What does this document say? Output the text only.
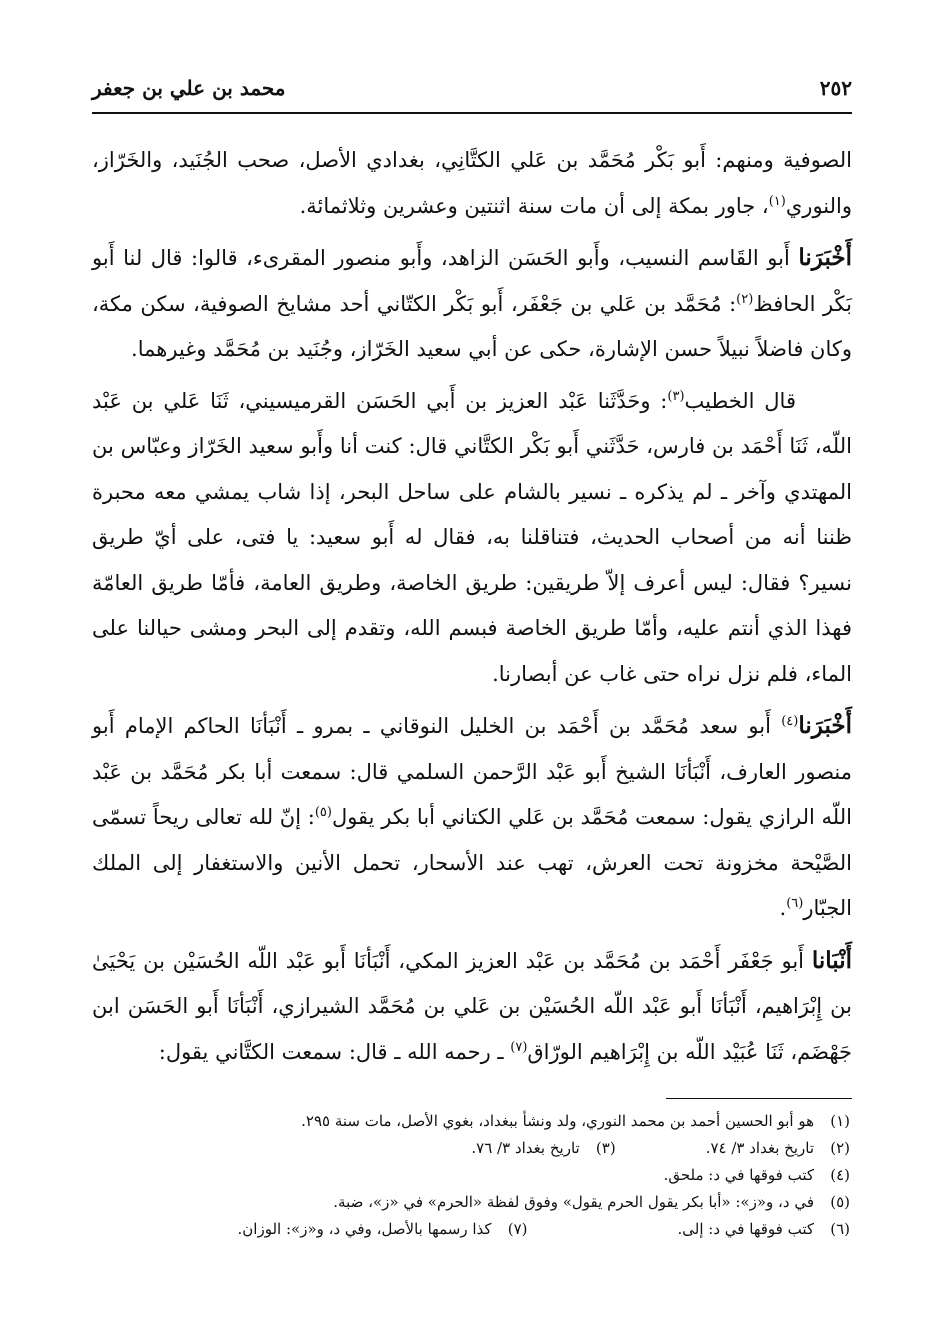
٢٥٢
محمد بن علي بن جعفر

الصوفية ومنهم: أَبو بَكْر مُحَمَّد بن عَلي الكتَّانِي، بغدادي الأصل، صحب الجُنَيد، والخَرّاز، والنوري$^{(١)}$، جاور بمكة إلى أن مات سنة اثنتين وعشرين وثلاثمائة.

أَخْبَرَنا أَبو القَاسم النسيب، وأَبو الحَسَن الزاهد، وأَبو منصور المقرىء، قالوا: قال لنا أَبو بَكْر الحافظ$^{(٢)}$: مُحَمَّد بن عَلي بن جَعْفَر، أَبو بَكْر الكتّاني أحد مشايخ الصوفية، سكن مكة، وكان فاضلاً نبيلاً حسن الإشارة، حكى عن أبي سعيد الخَرّاز، وجُنَيد بن مُحَمَّد وغيرهما.

قال الخطيب$^{(٣)}$: وحَدَّثَنا عَبْد العزيز بن أَبي الحَسَن القرميسيني، ثَنَا عَلي بن عَبْد اللّه، ثَنَا أَحْمَد بن فارس، حَدَّثَني أَبو بَكْر الكتَّاني قال: كنت أنا وأَبو سعيد الخَرّاز وعبّاس بن المهتدي وآخر ـ لم يذكره ـ نسير بالشام على ساحل البحر، إذا شاب يمشي معه محبرة ظننا أنه من أصحاب الحديث، فتناقلنا به، فقال له أَبو سعيد: يا فتى، على أيّ طريق نسير؟ فقال: ليس أعرف إلاّ طريقين: طريق الخاصة، وطريق العامة، فأمّا طريق العامّة فهذا الذي أنتم عليه، وأمّا طريق الخاصة فبسم الله، وتقدم إلى البحر ومشى حيالنا على الماء، فلم نزل نراه حتى غاب عن أبصارنا.

أَخْبَرَنا$^{(٤)}$ أَبو سعد مُحَمَّد بن أَحْمَد بن الخليل النوقاني ـ بمرو ـ أَنْبَأنَا الحاكم الإمام أَبو منصور العارف، أَنْبَأنَا الشيخ أَبو عَبْد الرَّحمن السلمي قال: سمعت أبا بكر مُحَمَّد بن عَبْد اللّه الرازي يقول: سمعت مُحَمَّد بن عَلي الكتاني أبا بكر يقول$^{(٥)}$: إنّ لله تعالى ريحاً تسمّى الصَّيْحة مخزونة تحت العرش، تهب عند الأسحار، تحمل الأنين والاستغفار إلى الملك الجبّار$^{(٦)}$.

أَنْبَانا أَبو جَعْفَر أَحْمَد بن مُحَمَّد بن عَبْد العزيز المكي، أَنْبَأنَا أَبو عَبْد اللّه الحُسَيْن بن يَحْيَىٰ بن إِبْرَاهيم، أَنْبَأنَا أَبو عَبْد اللّه الحُسَيْن بن عَلي بن مُحَمَّد الشيرازي، أَنْبَأنَا أَبو الحَسَن ابن جَهْضَم، ثَنَا عُبَيْد اللّه بن إِبْرَاهيم الورّاق$^{(٧)}$ ـ رحمه الله ـ قال: سمعت الكتَّاني يقول:

(١)
هو أبو الحسين أحمد بن محمد النوري، ولد ونشأ ببغداد، بغوي الأصل، مات سنة ٢٩٥.
(٢)
تاريخ بغداد ٣/ ٧٤.
(٣)
تاريخ بغداد ٣/ ٧٦.
(٤)
كتب فوقها في د: ملحق.
(٥)
في د، و«ز»: «أبا بكر يقول الحرم يقول» وفوق لفظة «الحرم» في «ز»، ضبة.
(٦)
كتب فوقها في د: إلى.
(٧)
كذا رسمها بالأصل، وفي د، و«ز»: الوزان.
